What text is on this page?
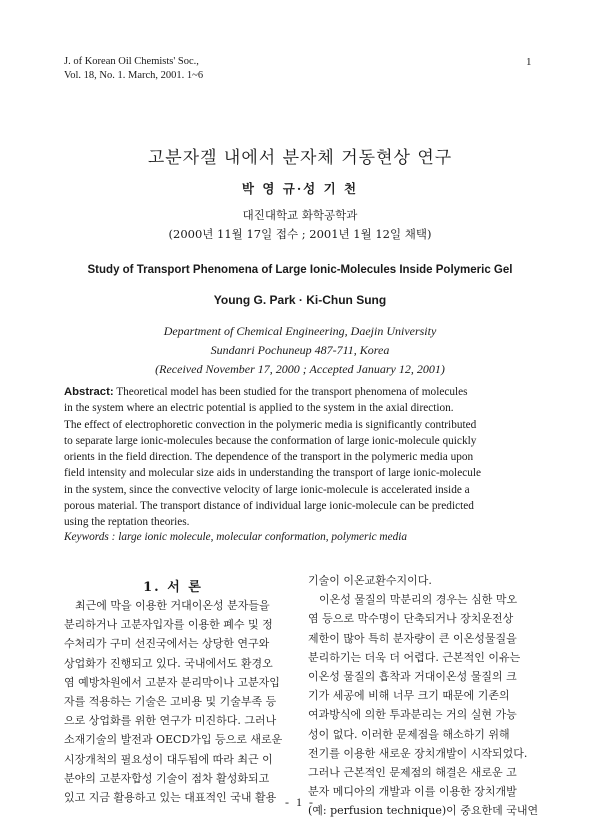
J. of Korean Oil Chemists' Soc.,
Vol. 18, No. 1. March, 2001. 1~6
1
고분자겔 내에서 분자체 거동현상 연구
박 영 규·성 기 천
대진대학교 화학공학과
(2000년 11월 17일 접수 ; 2001년 1월 12일 채택)
Study of Transport Phenomena of Large Ionic-Molecules Inside Polymeric Gel
Young G. Park · Ki-Chun Sung
Department of Chemical Engineering, Daejin University
Sundanri Pochuneup 487-711, Korea
(Received November 17, 2000 ; Accepted January 12, 2001)
Abstract: Theoretical model has been studied for the transport phenomena of molecules
in the system where an electric potential is applied to the system in the axial direction.
The effect of electrophoretic convection in the polymeric media is significantly contributed
to separate large ionic-molecules because the conformation of large ionic-molecule quickly
orients in the field direction. The dependence of the transport in the polymeric media upon
field intensity and molecular size aids in understanding the transport of large ionic-molecule
in the system, since the convective velocity of large ionic-molecule is accelerated inside a
porous material. The transport distance of individual large ionic-molecule can be predicted
using the reptation theories.
Keywords : large ionic molecule, molecular conformation, polymeric media
1. 서 론
최근에 막을 이용한 거대이온성 분자들을
분리하거나 고분자입자를 이용한 폐수 및 정
수처리가 구미 선진국에서는 상당한 연구와
상업화가 진행되고 있다. 국내에서도 환경오
염 예방차원에서 고분자 분리막이나 고분자입
자를 적용하는 기술은 고비용 및 기술부족 등
으로 상업화를 위한 연구가 미진하다. 그러나
소재기술의 발전과 OECD가입 등으로 새로운
시장개척의 필요성이 대두됨에 따라 최근 이
분야의 고분자합성 기술이 점차 활성화되고
있고 지금 활용하고 있는 대표적인 국내 활용
기술이 이온교환수지이다.
이온성 물질의 막분리의 경우는 심한 막오
염 등으로 막수명이 단축되거나 장치운전상
제한이 많아 특히 분자량이 큰 이온성물질을
분리하기는 더욱 더 어렵다. 근본적인 이유는
이온성 물질의 흡착과 거대이온성 물질의 크
기가 세공에 비해 너무 크기 때문에 기존의
여과방식에 의한 투과분리는 거의 실현 가능
성이 없다. 이러한 문제점을 해소하기 위해
전기를 이용한 새로운 장치개발이 시작되었다.
그러나 근본적인 문제점의 해결은 새로운 고
분자 메디아의 개발과 이를 이용한 장치개발
(예: perfusion technique)이 중요한데 국내연
- 1 -
